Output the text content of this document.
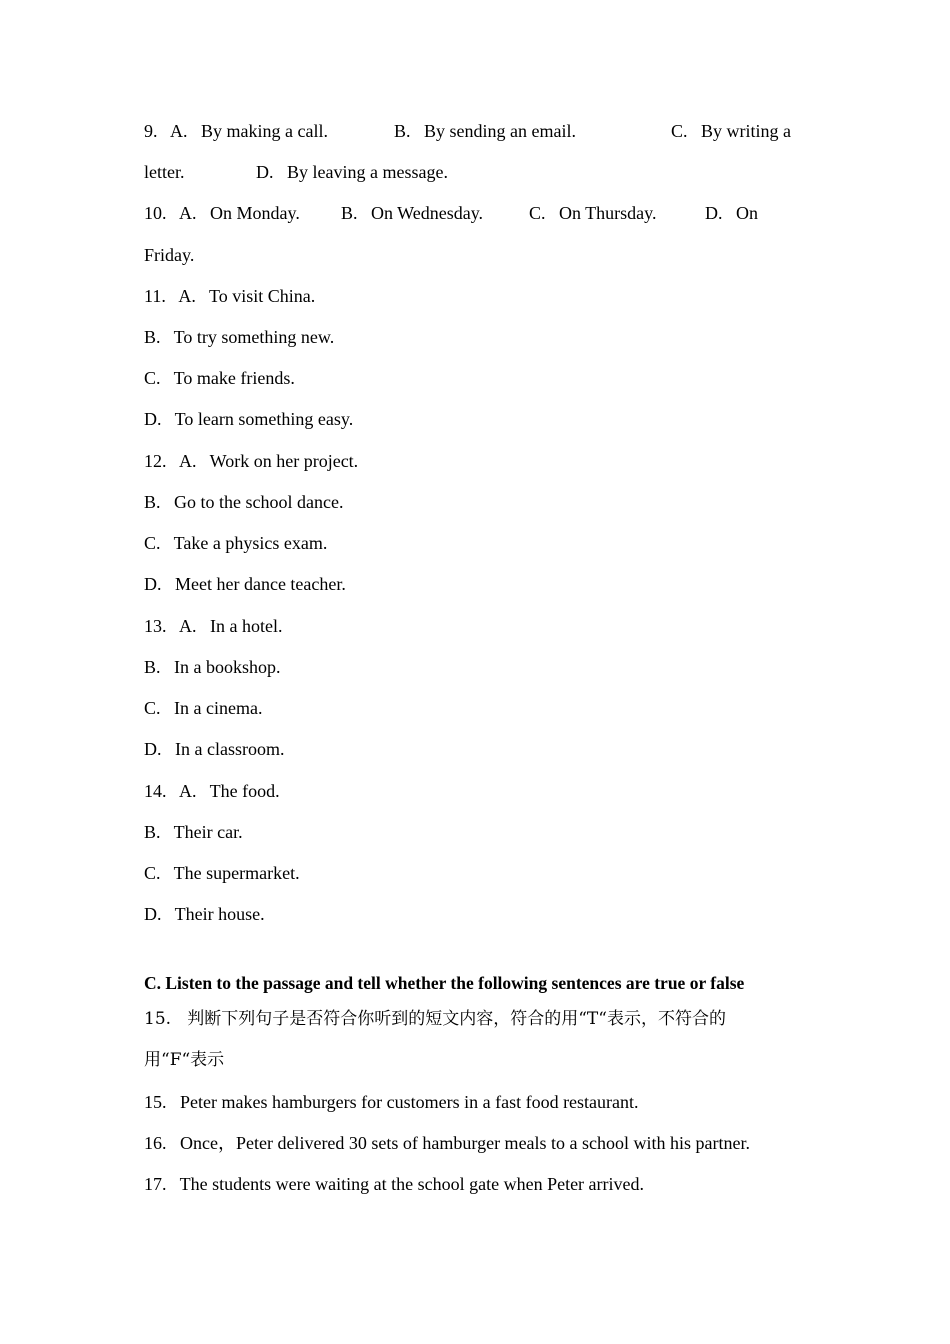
9.   A.   By making a call.

	B.   By sending an email.

	C.   By writing a

letter.

	D.   By leaving a message.

10.   A.   On Monday.

B.   On Wednesday.

	C.   On Thursday.

	D.   On

Friday.

11.   A.   To visit China.
B.   To try something new.
C.   To make friends.
D.   To learn something easy.
12.   A.   Work on her project.
B.   Go to the school dance.
C.   Take a physics exam.
D.   Meet her dance teacher.
13.   A.   In a hotel.
B.   In a bookshop.
C.   In a cinema.
D.   In a classroom.
14.   A.   The food.
B.   Their car.
C.   The supermarket.
D.   Their house.
C. Listen to the passage and tell whether the following sentences are true or false
15.   判断下列句子是否符合你听到的短文内容，符合的用“T“表示，不符合的
用“F“表示
15.   Peter makes hamburgers for customers in a fast food restaurant.
16.   Once，Peter delivered 30 sets of hamburger meals to a school with his partner.
17.   The students were waiting at the school gate when Peter arrived.
